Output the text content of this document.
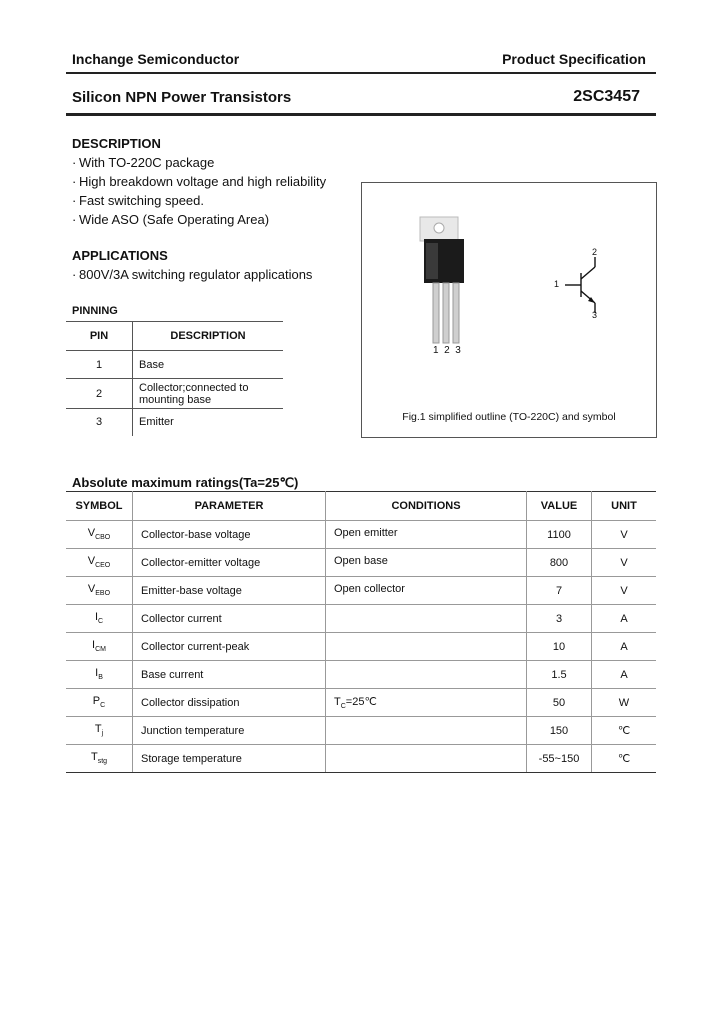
Inchange Semiconductor	Product Specification
Silicon NPN Power Transistors	2SC3457
DESCRIPTION
· With TO-220C package
· High breakdown voltage and high reliability
· Fast switching speed.
· Wide ASO (Safe Operating Area)
APPLICATIONS
· 800V/3A switching regulator applications
PINNING
PIN	DESCRIPTION
1	Base
2	Collector;connected to mounting base
3	Emitter
1  2  3
1
2
3
Fig.1 simplified outline (TO-220C) and symbol
Absolute maximum ratings(Ta=25℃)
SYMBOL	PARAMETER	CONDITIONS	VALUE	UNIT
$V_{CBO}$	Collector-base voltage	Open emitter	1100	V
$V_{CEO}$	Collector-emitter voltage	Open base	800	V
$V_{EBO}$	Emitter-base voltage	Open collector	7	V
$I_C$	Collector current		3	A
$I_{CM}$	Collector current-peak		10	A
$I_B$	Base current		1.5	A
$P_C$	Collector dissipation	$T_C=25℃$	50	W
$T_j$	Junction temperature		150	℃
$T_{stg}$	Storage temperature		-55~150	℃
